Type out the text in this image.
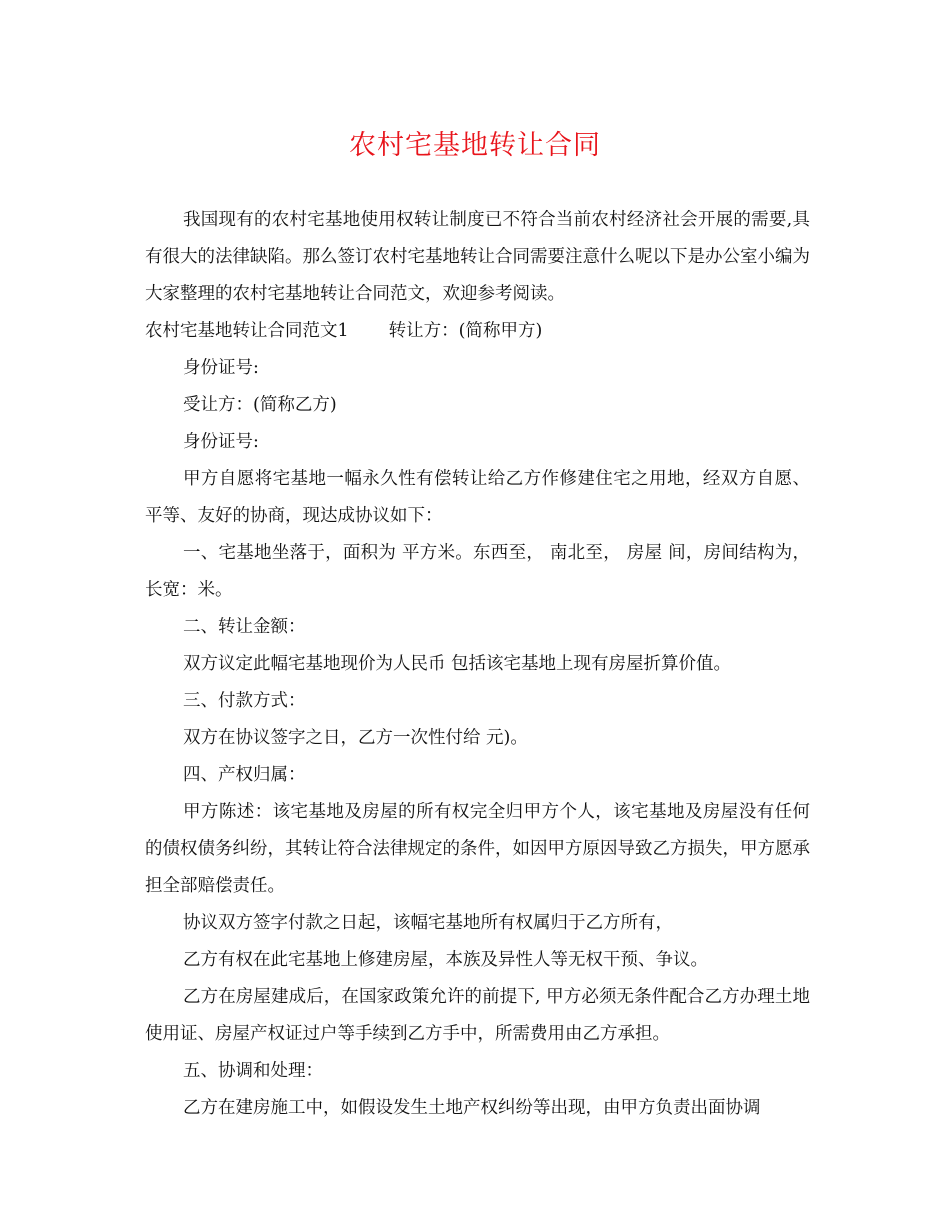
农村宅基地转让合同

我国现有的农村宅基地使用权转让制度已不符合当前农村经济社会开展的需要,具有很大的法律缺陷。那么签订农村宅基地转让合同需要注意什么呢以下是办公室小编为大家整理的农村宅基地转让合同范文，欢迎参考阅读。

农村宅基地转让合同范文1 转让方：(简称甲方)

身份证号:

受让方：(简称乙方)

身份证号:

甲方自愿将宅基地一幅永久性有偿转让给乙方作修建住宅之用地，经双方自愿、平等、友好的协商，现达成协议如下：

一、宅基地坐落于，面积为 平方米。东西至， 南北至， 房屋 间，房间结构为，长宽：米。

二、转让金额：

双方议定此幅宅基地现价为人民币 包括该宅基地上现有房屋折算价值。

三、付款方式：

双方在协议签字之日，乙方一次性付给 元)。

四、产权归属：

甲方陈述：该宅基地及房屋的所有权完全归甲方个人，该宅基地及房屋没有任何的债权债务纠纷，其转让符合法律规定的条件，如因甲方原因导致乙方损失，甲方愿承担全部赔偿责任。

协议双方签字付款之日起，该幅宅基地所有权属归于乙方所有，

乙方有权在此宅基地上修建房屋，本族及异性人等无权干预、争议。

乙方在房屋建成后，在国家政策允许的前提下, 甲方必须无条件配合乙方办理土地使用证、房屋产权证过户等手续到乙方手中，所需费用由乙方承担。

五、协调和处理：

乙方在建房施工中，如假设发生土地产权纠纷等出现，由甲方负责出面协调
